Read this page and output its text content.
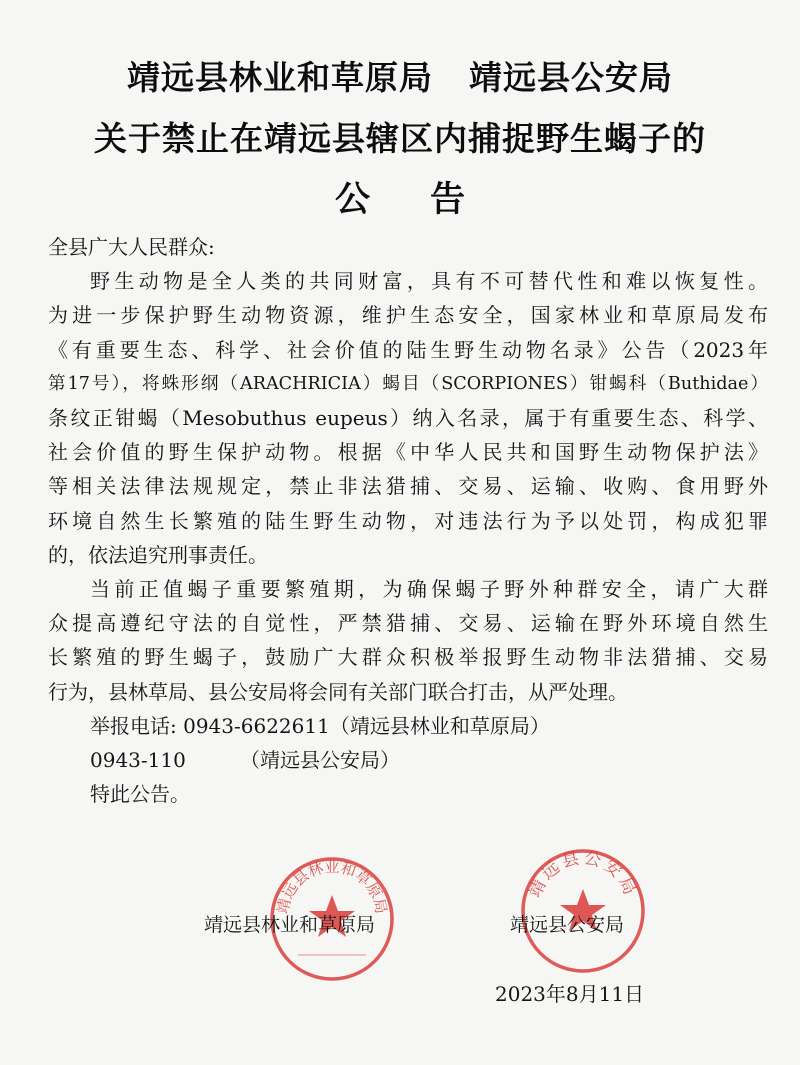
靖远县林业和草原局 靖远县公安局
关于禁止在靖远县辖区内捕捉野生蝎子的
公 告

全县广大人民群众:

野生动物是全人类的共同财富，具有不可替代性和难以恢复性。

为进一步保护野生动物资源，维护生态安全，国家林业和草原局发布

《有重要生态、科学、社会价值的陆生野生动物名录》公告（2023年

第17号），将蛛形纲（ARACHRICIA）蝎目（SCORPIONES）钳蝎科（Buthidae）

条纹正钳蝎（Mesobuthus eupeus）纳入名录，属于有重要生态、科学、

社会价值的野生保护动物。根据《中华人民共和国野生动物保护法》

等相关法律法规规定，禁止非法猎捕、交易、运输、收购、食用野外

环境自然生长繁殖的陆生野生动物，对违法行为予以处罚，构成犯罪

的，依法追究刑事责任。

当前正值蝎子重要繁殖期，为确保蝎子野外种群安全，请广大群

众提高遵纪守法的自觉性，严禁猎捕、交易、运输在野外环境自然生

长繁殖的野生蝎子，鼓励广大群众积极举报野生动物非法猎捕、交易

行为，县林草局、县公安局将会同有关部门联合打击，从严处理。

举报电话: 0943-6622611（靖远县林业和草原局）

0943-110	（靖远县公安局）

特此公告。

靖远县林业和草原局
靖远县公安局
靖远县林业和草原局	靖远县公安局
2023年8月11日
